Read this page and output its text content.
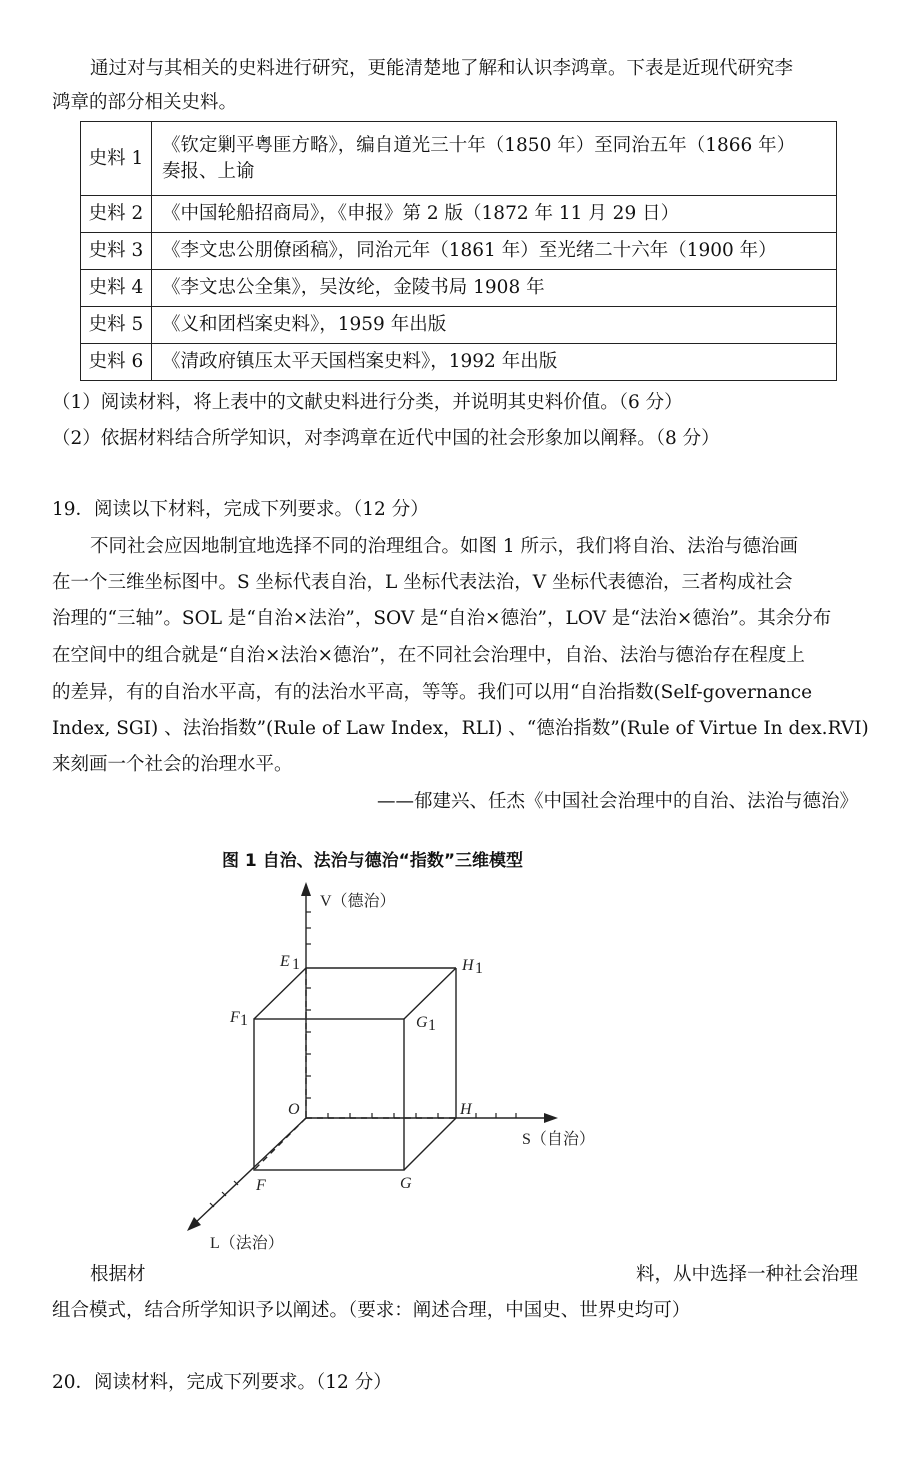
通过对与其相关的史料进行研究，更能清楚地了解和认识李鸿章。下表是近现代研究李
鸿章的部分相关史料。
史料 1	《钦定剿平粤匪方略》，编自道光三十年（1850 年）至同治五年（1866 年）
奏报、上谕

史料 2	《中国轮船招商局》，《申报》第 2 版（1872 年 11 月 29 日）
史料 3	《李文忠公朋僚函稿》，同治元年（1861 年）至光绪二十六年（1900 年）
史料 4	《李文忠公全集》，吴汝纶，金陵书局 1908 年
史料 5	《义和团档案史料》，1959 年出版
史料 6	《清政府镇压太平天国档案史料》，1992 年出版
（1）阅读材料，将上表中的文献史料进行分类，并说明其史料价值。（6 分）
（2）依据材料结合所学知识，对李鸿章在近代中国的社会形象加以阐释。（8 分）
19．阅读以下材料，完成下列要求。（12 分）
不同社会应因地制宜地选择不同的治理组合。如图 1 所示，我们将自治、法治与德治画
在一个三维坐标图中。S 坐标代表自治，L 坐标代表法治，V 坐标代表德治，三者构成社会
治理的“三轴”。SOL 是“自治×法治”，SOV 是“自治×德治”，LOV 是“法治×德治”。其余分布
在空间中的组合就是“自治×法治×德治”，在不同社会治理中，自治、法治与德治存在程度上
的差异，有的自治水平高，有的法治水平高，等等。我们可以用“自治指数(Self-governance
Index, SGI) 、法治指数”(Rule of Law Index，RLI) 、“德治指数”(Rule of Virtue In dex.RVI)
来刻画一个社会的治理水平。
——郁建兴、任杰《中国社会治理中的自治、法治与德治》
图 1 自治、法治与德治“指数”三维模型
V（德治）
S（自治）
L（法治）
O
E 1	H 1
F 1	G 1
H
F	G
根据材	料，从中选择一种社会治理
组合模式，结合所学知识予以阐述。（要求：阐述合理，中国史、世界史均可）
20．阅读材料，完成下列要求。（12 分）
